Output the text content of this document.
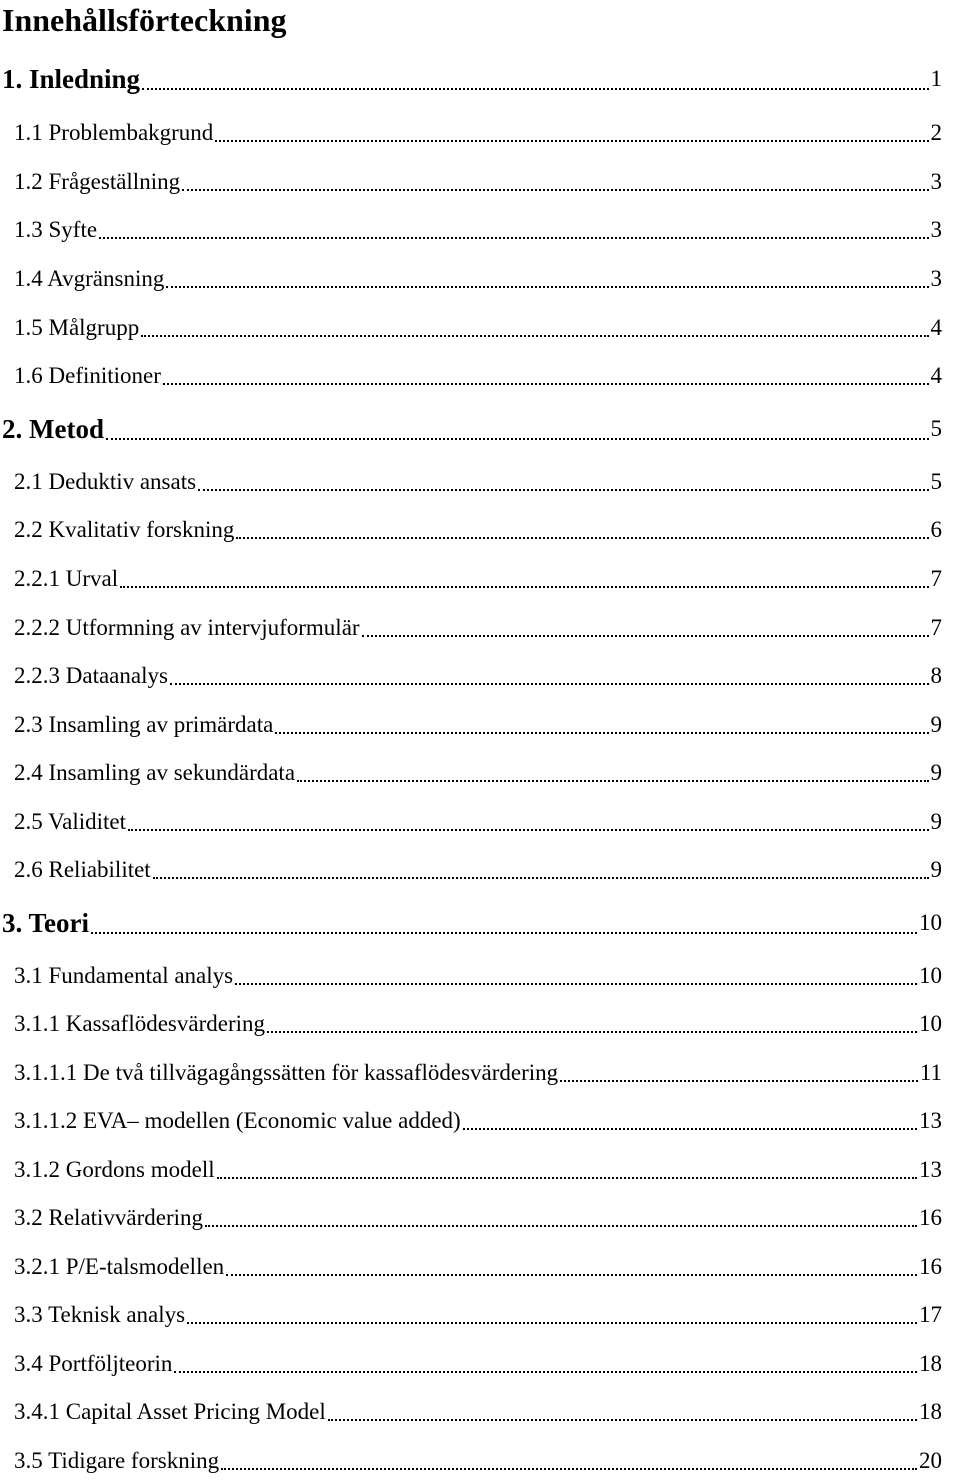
Innehållsförteckning
1. Inledning	1
1.1 Problembakgrund	2
1.2 Frågeställning	3
1.3 Syfte	3
1.4 Avgränsning	3
1.5 Målgrupp	4
1.6 Definitioner	4
2. Metod	5
2.1 Deduktiv ansats	5
2.2 Kvalitativ forskning	6
2.2.1 Urval	7
2.2.2 Utformning av intervjuformulär	7
2.2.3 Dataanalys	8
2.3 Insamling av primärdata	9
2.4 Insamling av sekundärdata	9
2.5 Validitet	9
2.6 Reliabilitet	9
3. Teori	10
3.1 Fundamental analys	10
3.1.1 Kassaflödesvärdering	10
3.1.1.1 De två tillvägagångssätten för kassaflödesvärdering	11
3.1.1.2 EVA– modellen (Economic value added)	13
3.1.2 Gordons modell	13
3.2 Relativvärdering	16
3.2.1 P/E-talsmodellen	16
3.3 Teknisk analys	17
3.4 Portföljteorin	18
3.4.1 Capital Asset Pricing Model	18
3.5 Tidigare forskning	20
